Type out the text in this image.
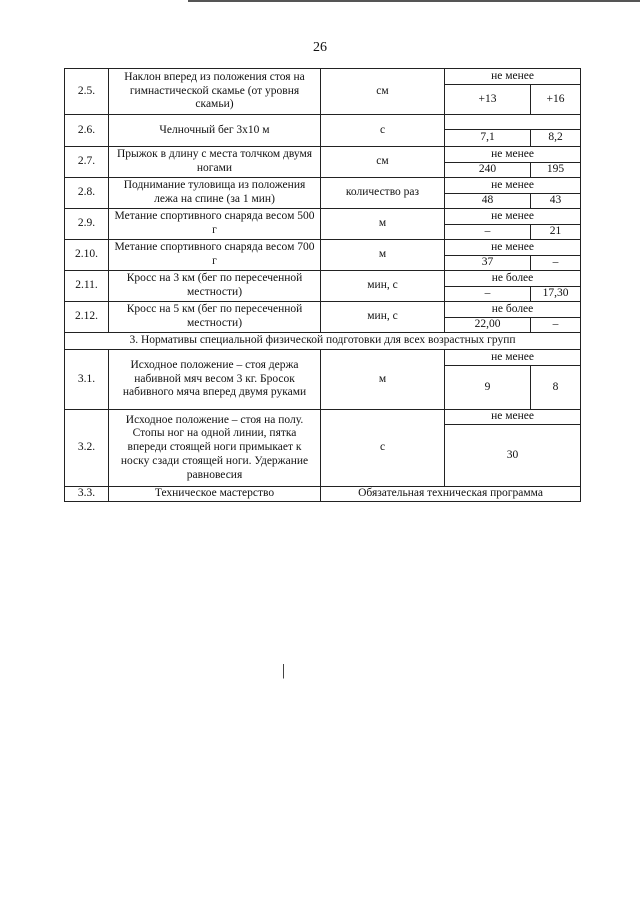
26
2.5.	Наклон вперед из положения стоя на гимнастической скамье (от уровня скамьи)	см	не менее	
			+13	+16
2.6.	Челночный бег 3х10 м	с		
			7,1	8,2
2.7.	Прыжок в длину с места толчком двумя ногами	см	не менее	
			240	195
2.8.	Поднимание туловища из положения лежа на спине (за 1 мин)	количество раз	не менее	
			48	43
2.9.	Метание спортивного снаряда весом 500 г	м	не менее	
			–	21
2.10.	Метание спортивного снаряда весом 700 г	м	не менее	
			37	–
2.11.	Кросс на 3 км (бег по пересеченной местности)	мин, с	не более	
			–	17,30
2.12.	Кросс на 5 км (бег по пересеченной местности)	мин, с	не более	
			22,00	–
3. Нормативы специальной физической подготовки для всех возрастных групп				
3.1.	Исходное положение – стоя держа набивной мяч весом 3 кг. Бросок набивного мяча вперед двумя руками	м	не менее	
			9	8
3.2.	Исходное положение – стоя на полу. Стопы ног на одной линии, пятка впереди стоящей ноги примыкает к носку сзади стоящей ноги. Удержание равновесия	с	не менее	
			30	
3.3.	Техническое мастерство	Обязательная техническая программа		
|
